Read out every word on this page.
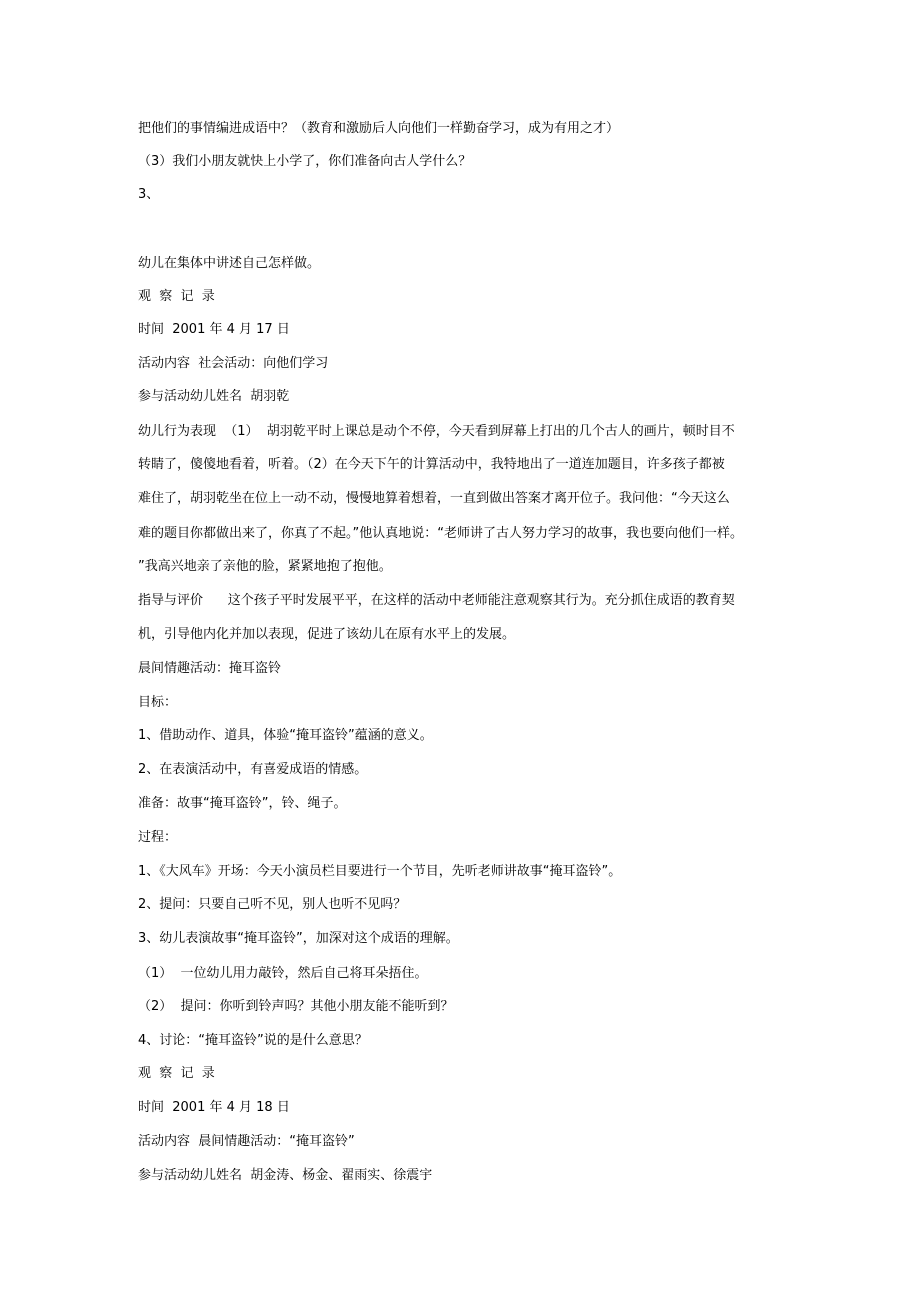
把他们的事情编进成语中？（教育和激励后人向他们一样勤奋学习，成为有用之才）
（3）我们小朋友就快上小学了，你们准备向古人学什么？
3、
幼儿在集体中讲述自己怎样做。
观  察  记  录
时间  2001 年 4 月 17 日
活动内容  社会活动：向他们学习
参与活动幼儿姓名  胡羽乾
幼儿行为表现  （1）  胡羽乾平时上课总是动个不停，今天看到屏幕上打出的几个古人的画片，顿时目不
转睛了，傻傻地看着，听着。（2）在今天下午的计算活动中，我特地出了一道连加题目，许多孩子都被
难住了，胡羽乾坐在位上一动不动，慢慢地算着想着，一直到做出答案才离开位子。我问他：“今天这么
难的题目你都做出来了，你真了不起。”他认真地说：“老师讲了古人努力学习的故事，我也要向他们一样。
”我高兴地亲了亲他的脸，紧紧地抱了抱他。
指导与评价      这个孩子平时发展平平，在这样的活动中老师能注意观察其行为。充分抓住成语的教育契
机，引导他内化并加以表现，促进了该幼儿在原有水平上的发展。
晨间情趣活动：掩耳盗铃
目标：
1、借助动作、道具，体验“掩耳盗铃”蕴涵的意义。
2、在表演活动中，有喜爱成语的情感。
准备：故事“掩耳盗铃”，铃、绳子。
过程：
1、《大风车》开场：今天小演员栏目要进行一个节目，先听老师讲故事“掩耳盗铃”。
2、提问：只要自己听不见，别人也听不见吗？
3、幼儿表演故事“掩耳盗铃”，加深对这个成语的理解。
（1）  一位幼儿用力敲铃，然后自己将耳朵捂住。
（2）  提问：你听到铃声吗？其他小朋友能不能听到？
4、讨论：“掩耳盗铃”说的是什么意思？
观  察  记  录
时间  2001 年 4 月 18 日
活动内容  晨间情趣活动：“掩耳盗铃”
参与活动幼儿姓名  胡金涛、杨金、翟雨实、徐震宇
